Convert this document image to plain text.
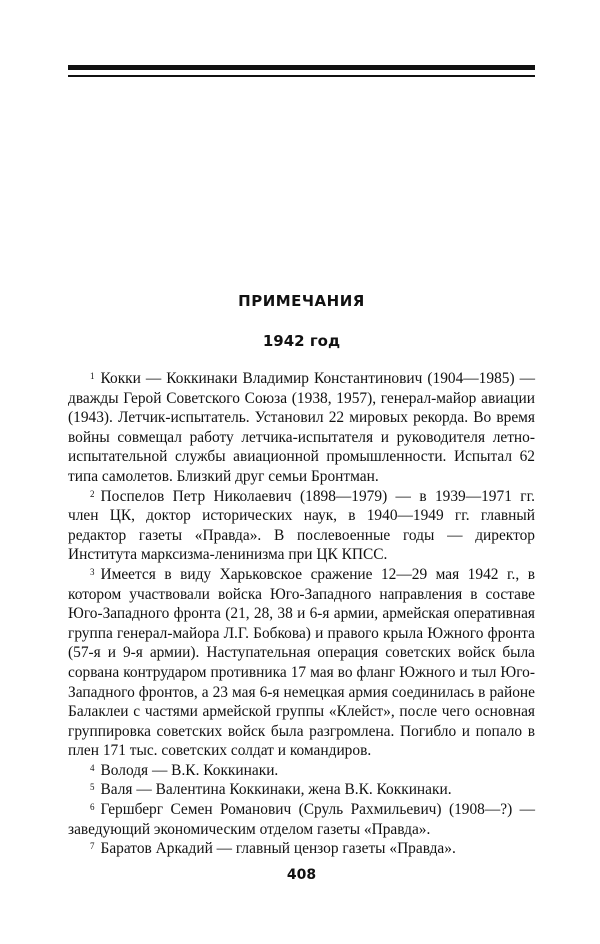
ПРИМЕЧАНИЯ
1942 год

1 Кокки — Коккинаки Владимир Константинович (1904—1985) — дважды Герой Советского Союза (1938, 1957), генерал-майор авиации (1943). Летчик-испытатель. Установил 22 мировых рекорда. Во время войны совмещал работу летчика-испытателя и руководителя летно-испытательной службы авиационной промышленности. Испытал 62 типа самолетов. Близкий друг семьи Бронтман.

2 Поспелов Петр Николаевич (1898—1979) — в 1939—1971 гг. член ЦК, доктор исторических наук, в 1940—1949 гг. главный редактор газеты «Правда». В послевоенные годы — директор Института марксизма-ленинизма при ЦК КПСС.

3 Имеется в виду Харьковское сражение 12—29 мая 1942 г., в котором участвовали войска Юго-Западного направления в составе Юго-Западного фронта (21, 28, 38 и 6-я армии, армейская оперативная группа генерал-майора Л.Г. Бобкова) и правого крыла Южного фронта (57-я и 9-я армии). Наступательная операция советских войск была сорвана контрударом противника 17 мая во фланг Южного и тыл Юго-Западного фронтов, а 23 мая 6-я немецкая армия соединилась в районе Балаклеи с частями армейской группы «Клейст», после чего основная группировка советских войск была разгромлена. Погибло и попало в плен 171 тыс. советских солдат и командиров.

4 Володя — В.К. Коккинаки.

5 Валя — Валентина Коккинаки, жена В.К. Коккинаки.

6 Гершберг Семен Романович (Сруль Рахмильевич) (1908—?) — заведующий экономическим отделом газеты «Правда».

7 Баратов Аркадий — главный цензор газеты «Правда».

408
